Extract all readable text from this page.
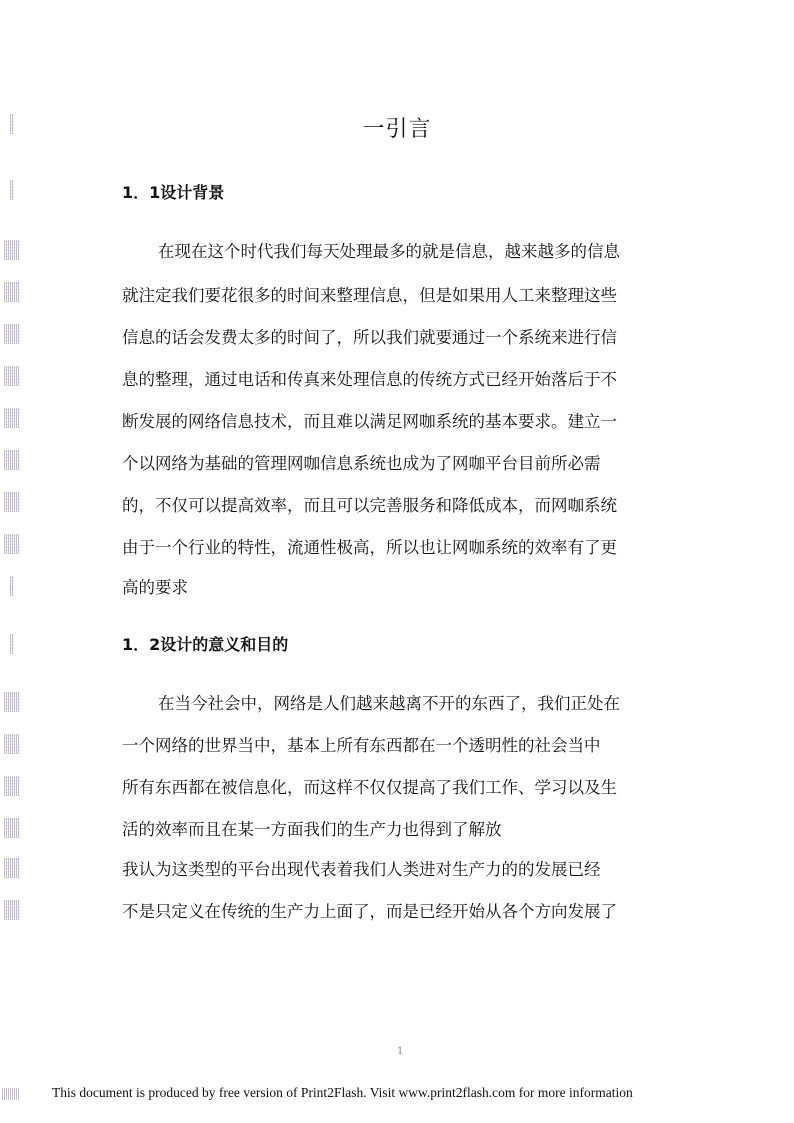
一引言
1．1设计背景
在现在这个时代我们每天处理最多的就是信息，越来越多的信息
就注定我们要花很多的时间来整理信息，但是如果用人工来整理这些
信息的话会发费太多的时间了，所以我们就要通过一个系统来进行信
息的整理，通过电话和传真来处理信息的传统方式已经开始落后于不
断发展的网络信息技术，而且难以满足网咖系统的基本要求。建立一
个以网络为基础的管理网咖信息系统也成为了网咖平台目前所必需
的，不仅可以提高效率，而且可以完善服务和降低成本，而网咖系统
由于一个行业的特性，流通性极高，所以也让网咖系统的效率有了更
高的要求
1．2设计的意义和目的
在当今社会中，网络是人们越来越离不开的东西了，我们正处在
一个网络的世界当中，基本上所有东西都在一个透明性的社会当中
所有东西都在被信息化，而这样不仅仅提高了我们工作、学习以及生
活的效率而且在某一方面我们的生产力也得到了解放
我认为这类型的平台出现代表着我们人类进对生产力的的发展已经
不是只定义在传统的生产力上面了，而是已经开始从各个方向发展了
1
This document is produced by free version of Print2Flash. Visit www.print2flash.com for more information
